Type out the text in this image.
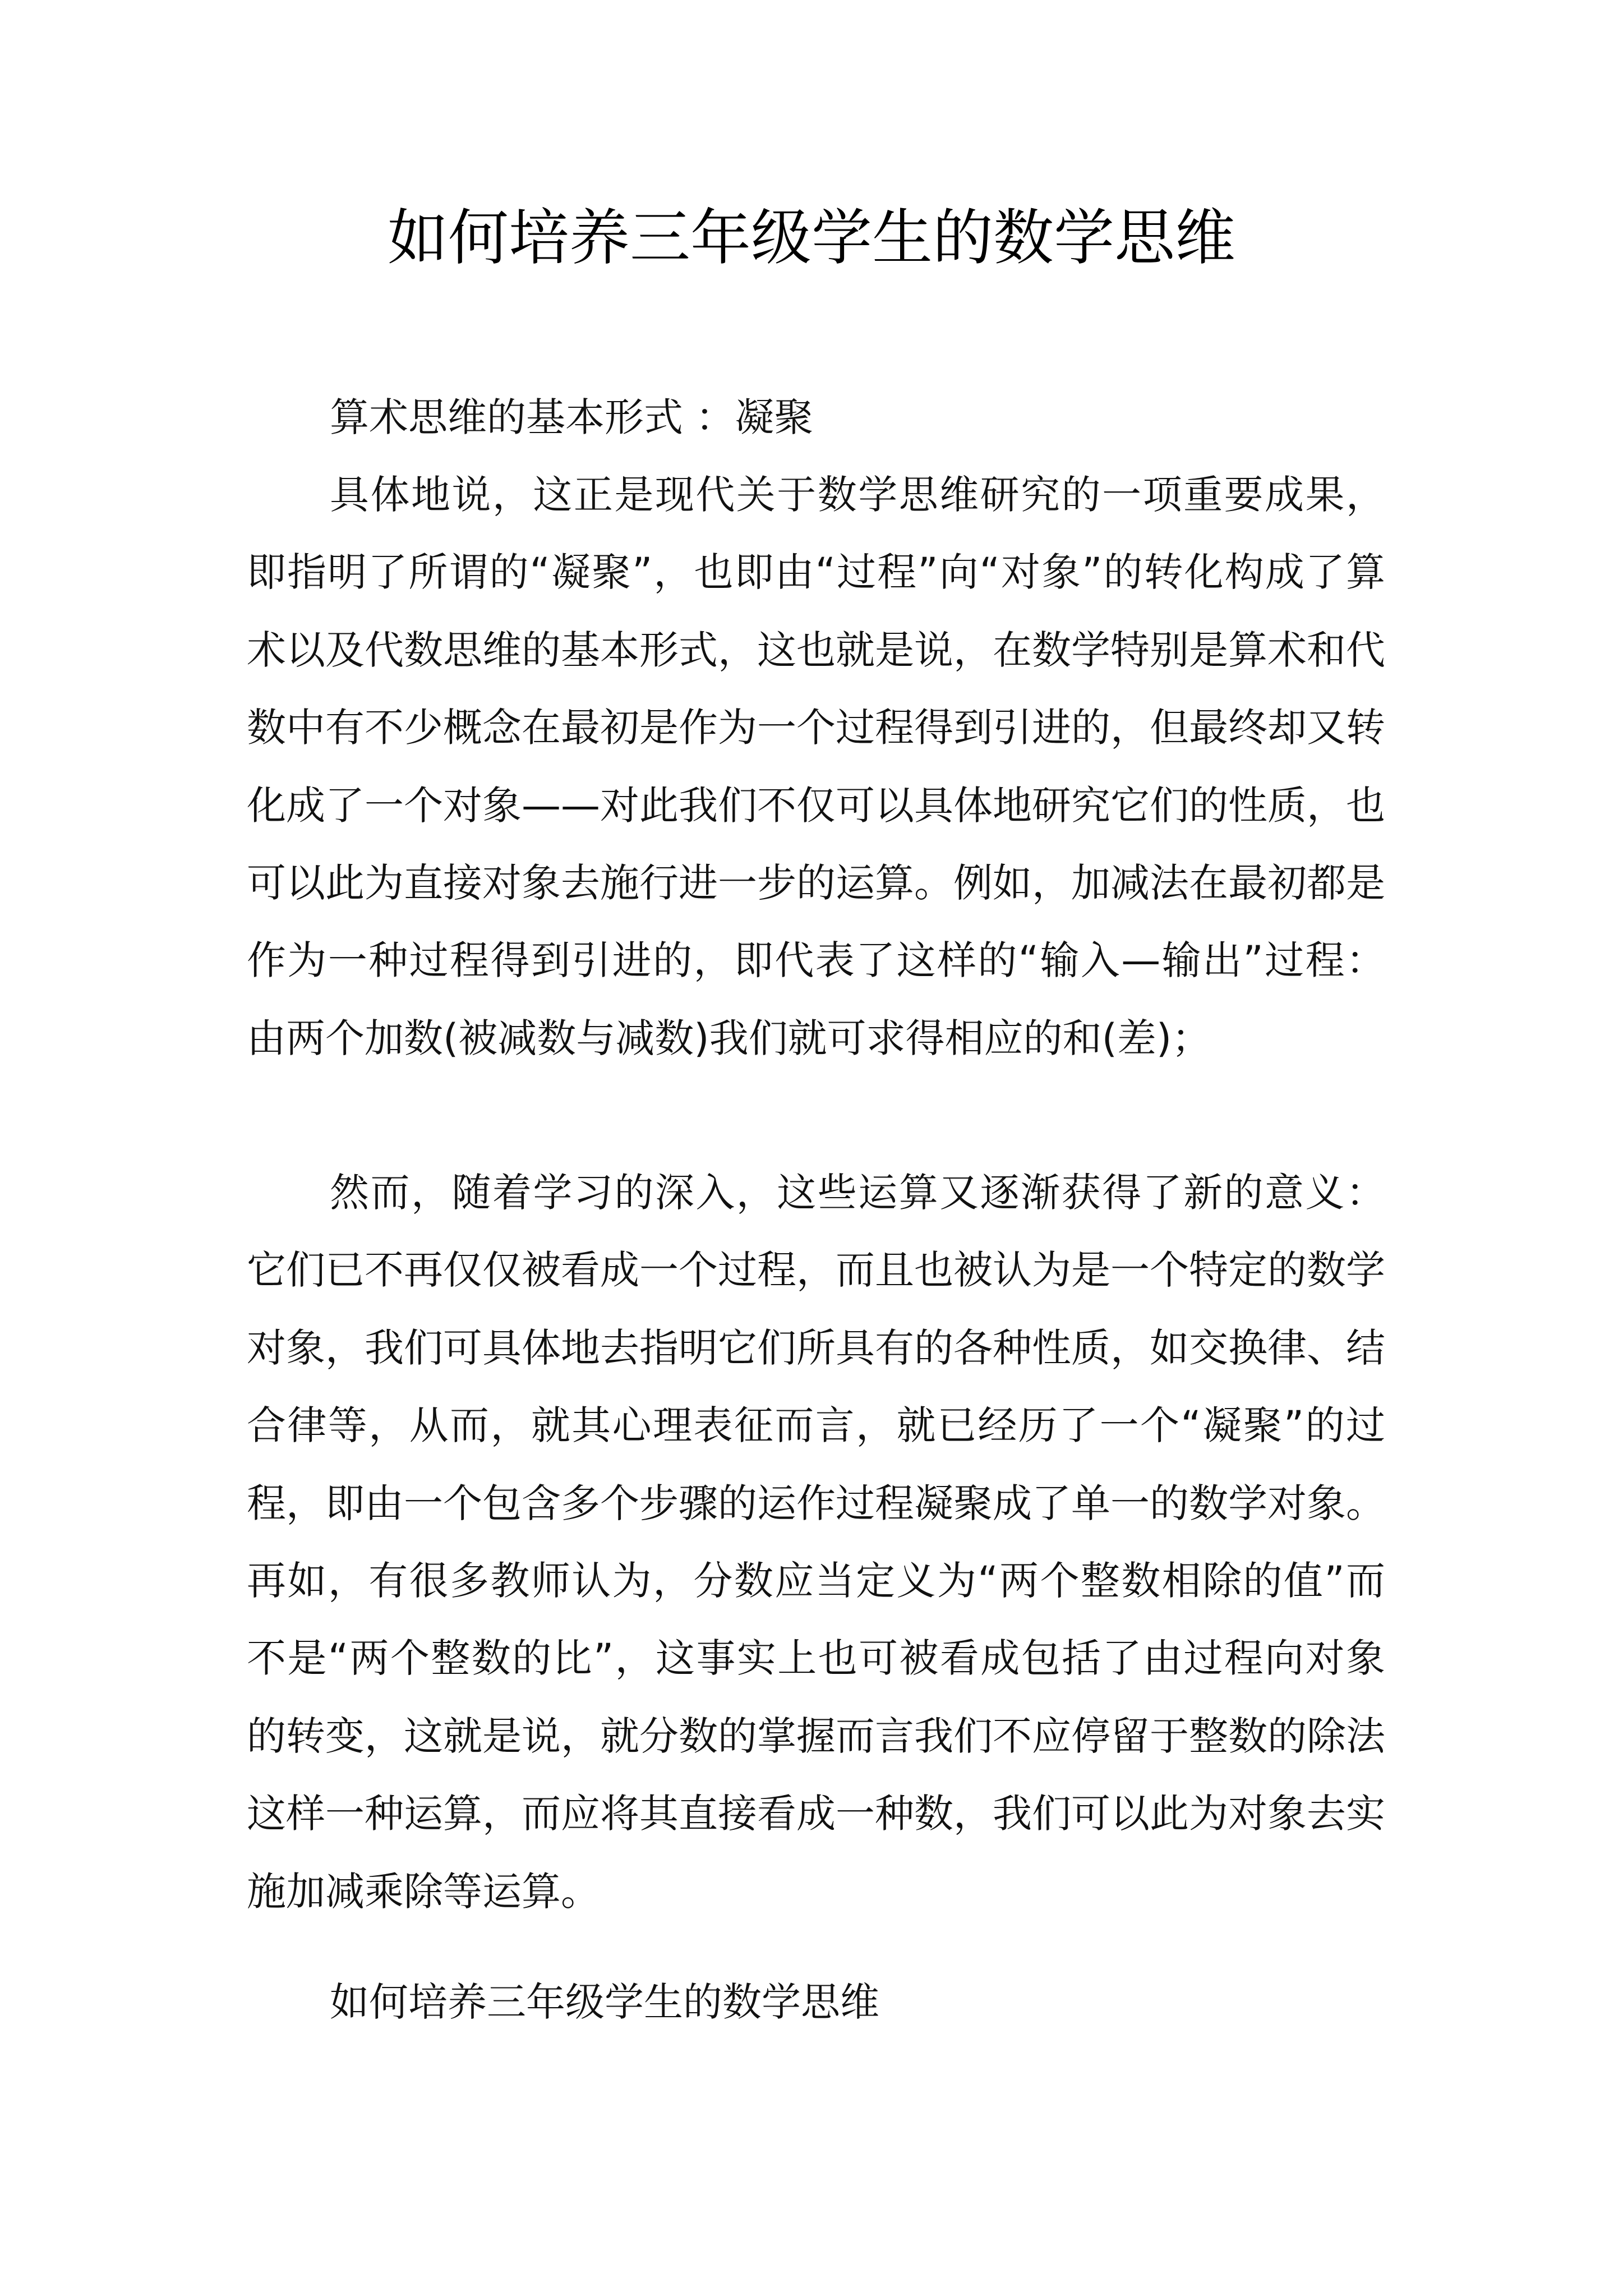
如何培养三年级学生的数学思维

算术思维的基本形式 ：凝聚

具体地说，这正是现代关于数学思维研究的一项重要成果，即指明了所谓的“凝聚”，也即由“过程”向“对象”的转化构成了算术以及代数思维的基本形式，这也就是说，在数学特别是算术和代数中有不少概念在最初是作为一个过程得到引进的，但最终却又转化成了一个对象——对此我们不仅可以具体地研究它们的性质，也可以此为直接对象去施行进一步的运算。例如，加减法在最初都是作为一种过程得到引进的，即代表了这样的“输入—输出”过程：由两个加数(被减数与减数)我们就可求得相应的和(差)；

然而，随着学习的深入，这些运算又逐渐获得了新的意义：它们已不再仅仅被看成一个过程，而且也被认为是一个特定的数学对象，我们可具体地去指明它们所具有的各种性质，如交换律、结合律等，从而，就其心理表征而言，就已经历了一个“凝聚”的过程，即由一个包含多个步骤的运作过程凝聚成了单一的数学对象。再如，有很多教师认为，分数应当定义为“两个整数相除的值”而不是“两个整数的比”，这事实上也可被看成包括了由过程向对象的转变，这就是说，就分数的掌握而言我们不应停留于整数的除法这样一种运算，而应将其直接看成一种数，我们可以此为对象去实施加减乘除等运算。

如何培养三年级学生的数学思维
